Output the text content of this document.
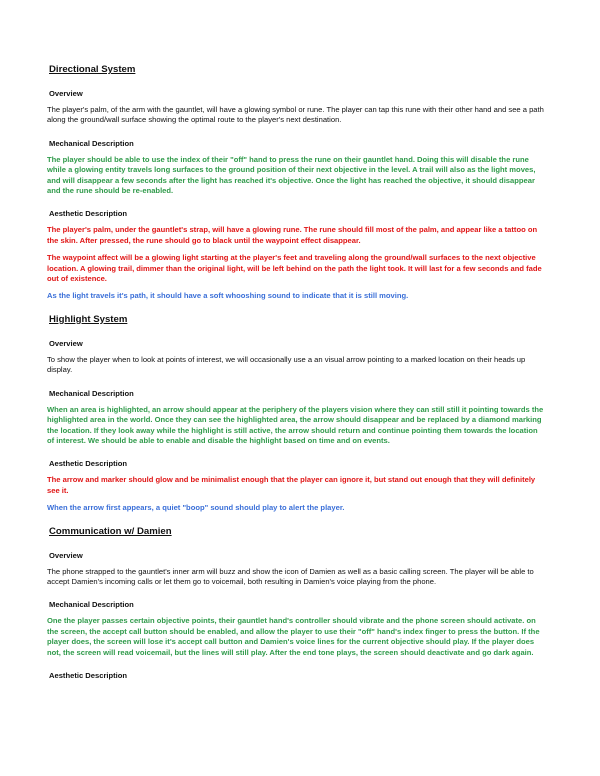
Directional System
Overview

The player's palm, of the arm with the gauntlet, will have a glowing symbol or rune. The player can tap this rune with their other hand and see a path along the ground/wall surface showing the optimal route to the player's next destination.

Mechanical Description

The player should be able to use the index of their "off" hand to press the rune on their gauntlet hand. Doing this will disable the rune while a glowing entity travels long surfaces to the ground position of their next objective in the level. A trail will also as the light moves, and will disappear a few seconds after the light has reached it's objective. Once the light has reached the objective, it should disappear and the rune should be re-enabled.

Aesthetic Description

The player's palm, under the gauntlet's strap, will have a glowing rune. The rune should fill most of the palm, and appear like a tattoo on the skin. After pressed, the rune should go to black until the waypoint effect disappear.

The waypoint affect will be a glowing light starting at the player's feet and traveling along the ground/wall surfaces to the next objective location. A glowing trail, dimmer than the original light, will be left behind on the path the light took. It will last for a few seconds and fade out of existence.

As the light travels it's path, it should have a soft whooshing sound to indicate that it is still moving.

Highlight System
Overview

To show the player when to look at points of interest, we will occasionally use a an visual arrow pointing to a marked location on their heads up display.

Mechanical Description

When an area is highlighted, an arrow should appear at the periphery of the players vision where they can still still it pointing towards the highlighted area in the world. Once they can see the highlighted area, the arrow should disappear and be replaced by a diamond marking the location. If they look away while the highlight is still active, the arrow should return and continue pointing them towards the location of interest. We should be able to enable and disable the highlight based on time and on events.

Aesthetic Description

The arrow and marker should glow and be minimalist enough that the player can ignore it, but stand out enough that they will definitely see it.

When the arrow first appears, a quiet "boop" sound should play to alert the player.

Communication w/ Damien
Overview

The phone strapped to the gauntlet's inner arm will buzz and show the icon of Damien as well as a basic calling screen. The player will be able to accept Damien's incoming calls or let them go to voicemail, both resulting in Damien's voice playing from the phone.

Mechanical Description

One the player passes certain objective points, their gauntlet hand's controller should vibrate and the phone screen should activate. on the screen, the accept call button should be enabled, and allow the player to use their "off" hand's index finger to press the button. If the player does, the screen will lose it's accept call button and Damien's voice lines for the current objective should play. If the player does not, the screen will read voicemail, but the lines will still play. After the end tone plays, the screen should deactivate and go dark again.

Aesthetic Description
